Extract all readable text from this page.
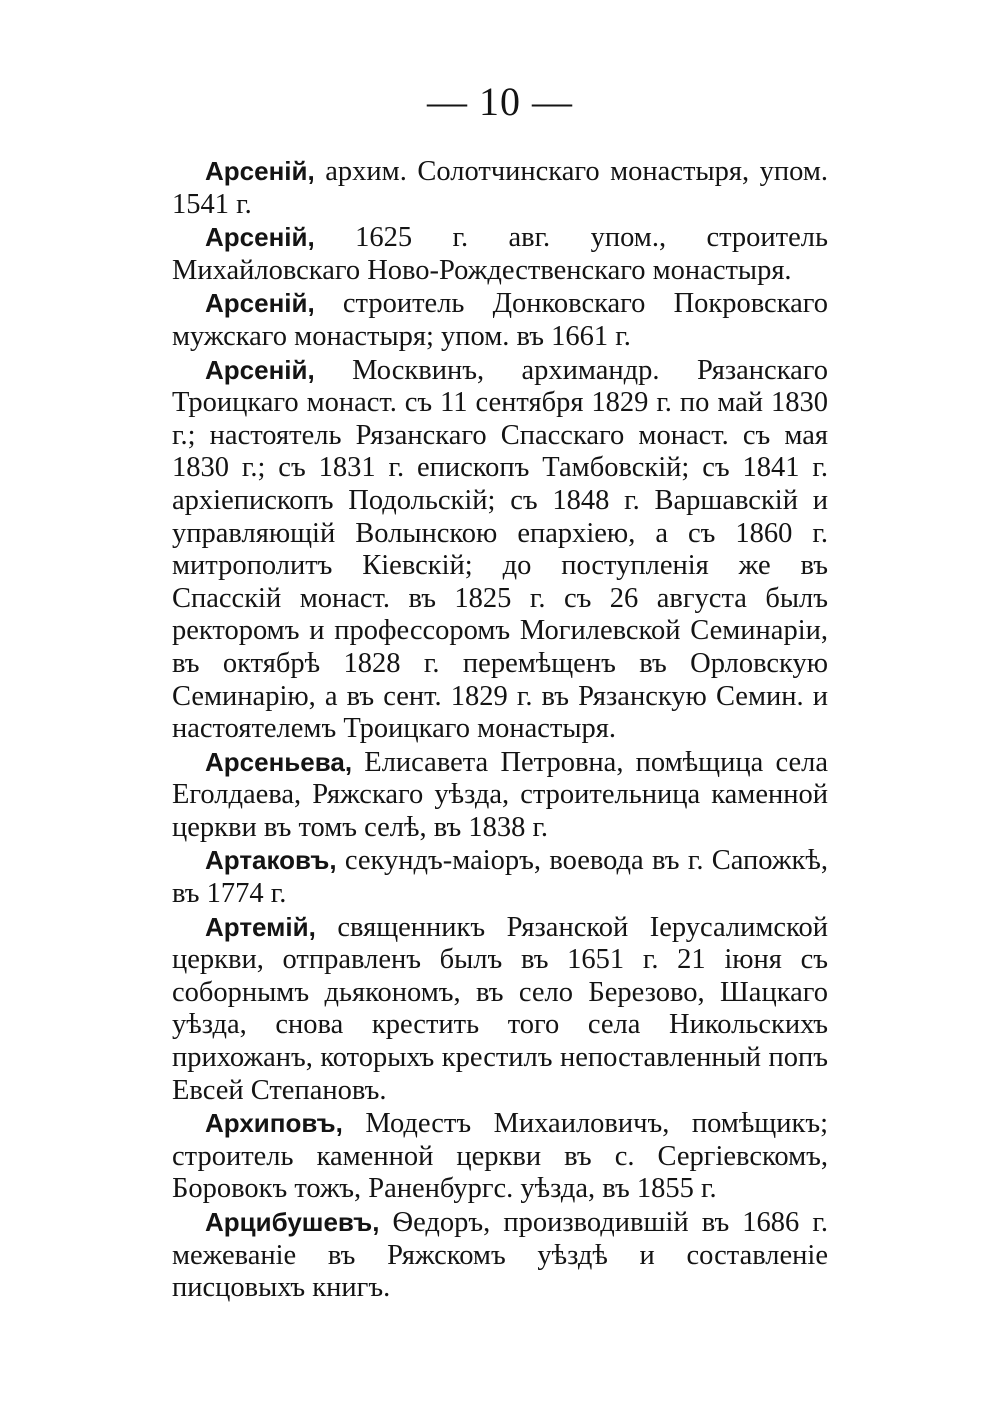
— 10 —

Арсеній, архим. Солотчинскаго монастыря, упом. 1541 г.

Арсеній, 1625 г. авг. упом., строитель Михайловскаго Ново-Рождественскаго монастыря.

Арсеній, строитель Донковскаго Покровскаго мужскаго монастыря; упом. въ 1661 г.

Арсеній, Москвинъ, архимандр. Рязанскаго Троицкаго монаст. съ 11 сентября 1829 г. по май 1830 г.; настоятель Рязанскаго Спасскаго монаст. съ мая 1830 г.; съ 1831 г. епископъ Тамбовскій; съ 1841 г. архіепископъ Подольскій; съ 1848 г. Варшавскій и управляющій Волынскою епархіею, а съ 1860 г. митрополитъ Кіевскій; до поступленія же въ Спасскій монаст. въ 1825 г. съ 26 августа былъ ректоромъ и профессоромъ Могилевской Семинаріи, въ октябрѣ 1828 г. перемѣщенъ въ Орловскую Семинарію, а въ сент. 1829 г. въ Рязанскую Семин. и настоятелемъ Троицкаго монастыря.

Арсеньева, Елисавета Петровна, помѣщица села Еголдаева, Ряжскаго уѣзда, строительница каменной церкви въ томъ селѣ, въ 1838 г.

Артаковъ, секундъ-маіоръ, воевода въ г. Сапожкѣ, въ 1774 г.

Артемій, священникъ Рязанской Іерусалимской церкви, отправленъ былъ въ 1651 г. 21 іюня съ соборнымъ дьякономъ, въ село Березово, Шацкаго уѣзда, снова крестить того села Никольскихъ прихожанъ, которыхъ крестилъ непоставленный попъ Евсей Степановъ.

Архиповъ, Модестъ Михаиловичъ, помѣщикъ; строитель каменной церкви въ с. Сергіевскомъ, Боровокъ тожъ, Раненбургс. уѣзда, въ 1855 г.

Арцибушевъ, Ѳедоръ, производившій въ 1686 г. межеваніе въ Ряжскомъ уѣздѣ и составленіе писцовыхъ книгъ.
